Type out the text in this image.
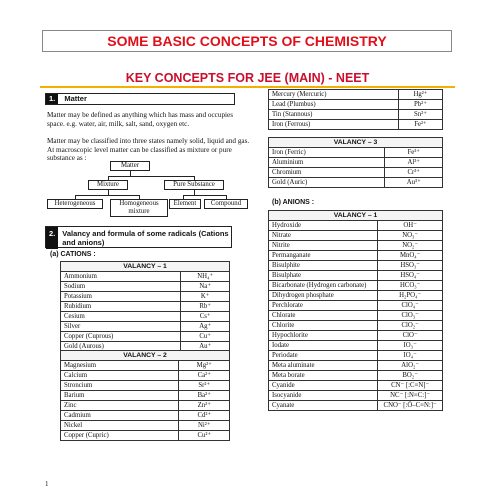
SOME BASIC CONCEPTS OF CHEMISTRY
KEY CONCEPTS FOR JEE (MAIN) - NEET
1. Matter
Matter may be defined as anything which has mass and occupies space. e.g. water, air, milk, salt, sand, oxygen etc.
Matter may be classified into three states namely solid, liquid and gas. At macroscopic level matter can be classified as mixture or pure substance as :
Matter
Mixture	Pure Substance
Heterogeneous	Homogeneous mixture
Element	Compound
2. Valancy and formula of some radicals (Cations and anions)
(a) CATIONS :
VALANCY – 1	
Ammonium	NH₄⁺
Sodium	Na⁺
Potassium	K⁺
Rubidium	Rb⁺
Cesium	Cs⁺
Silver	Ag⁺
Copper (Cuprous)	Cu⁺
Gold (Aurous)	Au⁺
VALANCY – 2	
Magnesium	Mg²⁺
Calcium	Ca²⁺
Stroncium	Sr²⁺
Barium	Ba²⁺
Zinc	Zn²⁺
Cadmium	Cd²⁺
Nickel	Ni²⁺
Copper (Cupric)	Cu²⁺
Mercury (Mercuric)	Hg²⁺
Lead (Plumbus)	Pb²⁺
Tin (Stannous)	Sn²⁺
Iron (Ferrous)	Fe²⁺
VALANCY – 3	
Iron (Ferric)	Fe³⁺
Aluminium	Al³⁺
Chromium	Cr³⁺
Gold (Auric)	Au³⁺
(b) ANIONS :
VALANCY – 1	
Hydroxide	OH⁻
Nitrate	NO₃⁻
Nitrite	NO₂⁻
Permanganate	MnO₄⁻
Bisulphite	HSO₃⁻
Bisulphate	HSO₄⁻
Bicarbonate (Hydrogen carbonate)	HCO₃⁻
Dihydrogen phosphate	H₂PO₄⁻
Perchlorate	ClO₄⁻
Chlorate	ClO₃⁻
Chlorite	ClO₂⁻
Hypochlorite	ClO⁻
Iodate	IO₃⁻
Periodate	IO₄⁻
Meta aluminate	AlO₂⁻
Meta borate	BO₂⁻
Cyanide	CN⁻ [:C≡N]⁻
Isocyanide	NC⁻ [:N≡C:]⁻
Cyanate	CNO⁻ [:Ö–C≡N:]⁻
1
